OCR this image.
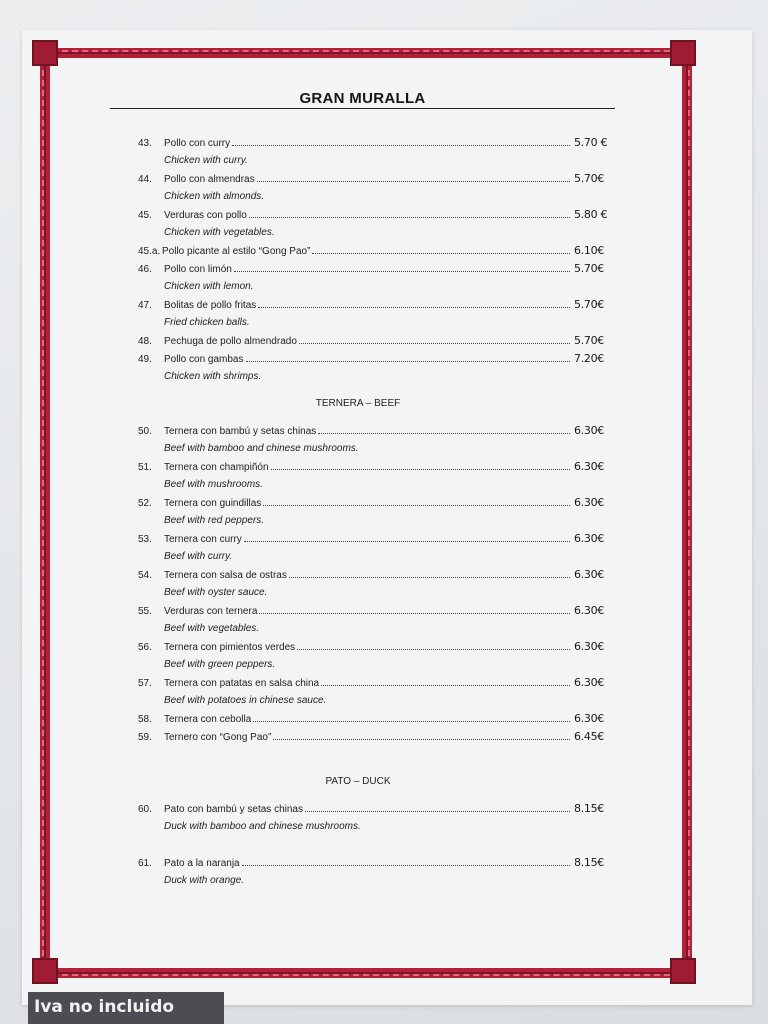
GRAN MURALLA
43.	Pollo con curry	5.70 €
Chicken with curry.
44.	Pollo con almendras	5.70€
Chicken with almonds.
45.	Verduras con pollo	5.80 €
Chicken with vegetables.
45.a. Pollo picante al estilo “Gong Pao”	6.10€
46.	Pollo con limón	5.70€
Chicken with lemon.
47.	Bolitas de pollo fritas	5.70€
Fried chicken balls.
48.	Pechuga de pollo almendrado	5.70€
49.	Pollo con gambas	7.20€
Chicken with shrimps.
TERNERA – BEEF
50.	Ternera con bambú y setas chinas	6.30€
Beef with bamboo and chinese mushrooms.
51.	Ternera con champiñón	6.30€
Beef with mushrooms.
52.	Ternera con guindillas	6.30€
Beef with red peppers.
53.	Ternera con curry	6.30€
Beef with curry.
54.	Ternera con salsa de ostras	6.30€
Beef with oyster sauce.
55.	Verduras con ternera	6.30€
Beef with vegetables.
56.	Ternera con pimientos verdes	6.30€
Beef with green peppers.
57.	Ternera con patatas en salsa china	6.30€
Beef with potatoes in chinese sauce.
58.	Ternera con cebolla	6.30€
59.	Ternero con “Gong Pao”	6.45€
PATO – DUCK
60.	Pato con bambú y setas chinas	8.15€
Duck with bamboo and chinese mushrooms.
61.	Pato a la naranja	8.15€
Duck with orange.
Iva no incluido
